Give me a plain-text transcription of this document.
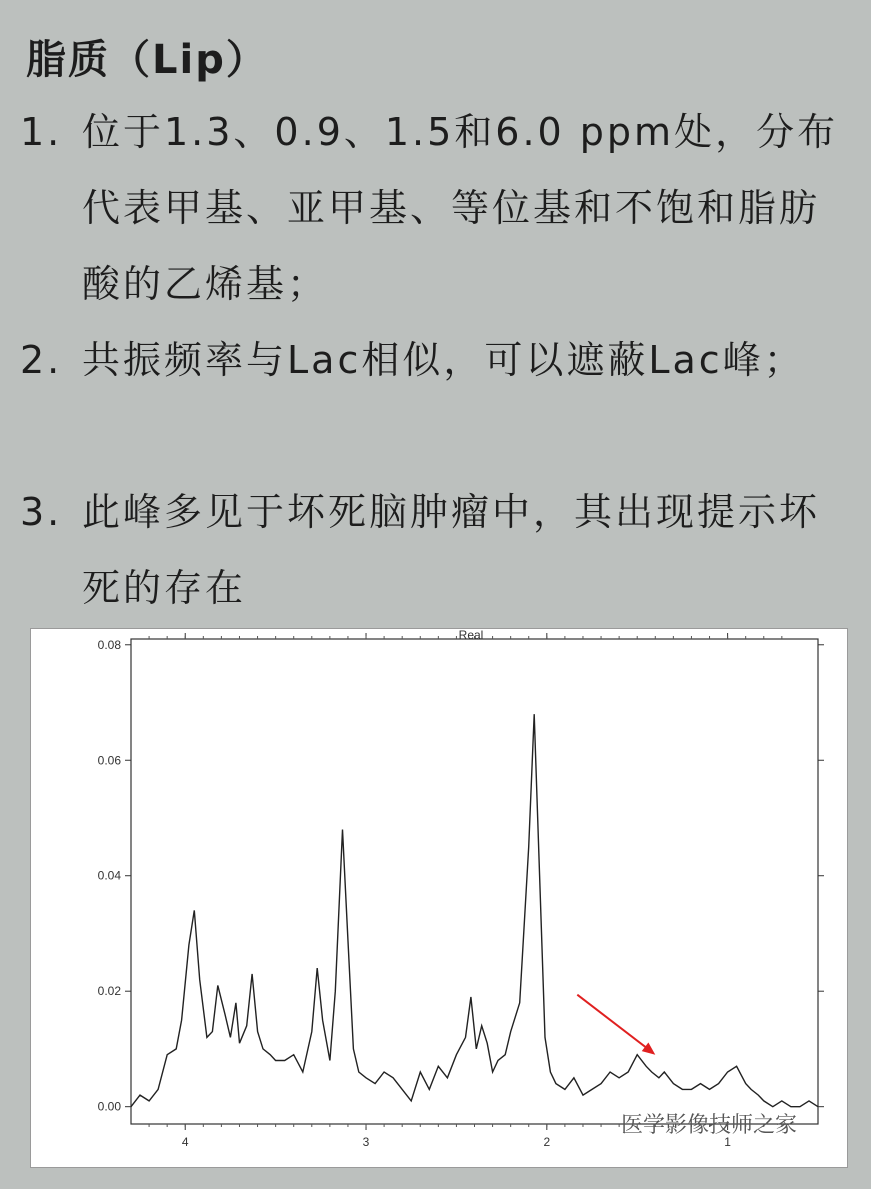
脂质（Lip）
1. 位于1.3、0.9、1.5和6.0 ppm处，分布代表甲基、亚甲基、等位基和不饱和脂肪酸的乙烯基；
2. 共振频率与Lac相似，可以遮蔽Lac峰；
3. 此峰多见于坏死脑肿瘤中，其出现提示坏死的存在
Real
0.00
0.02
0.04
0.06
0.08
4	3	2	1
医学影像技师之家
